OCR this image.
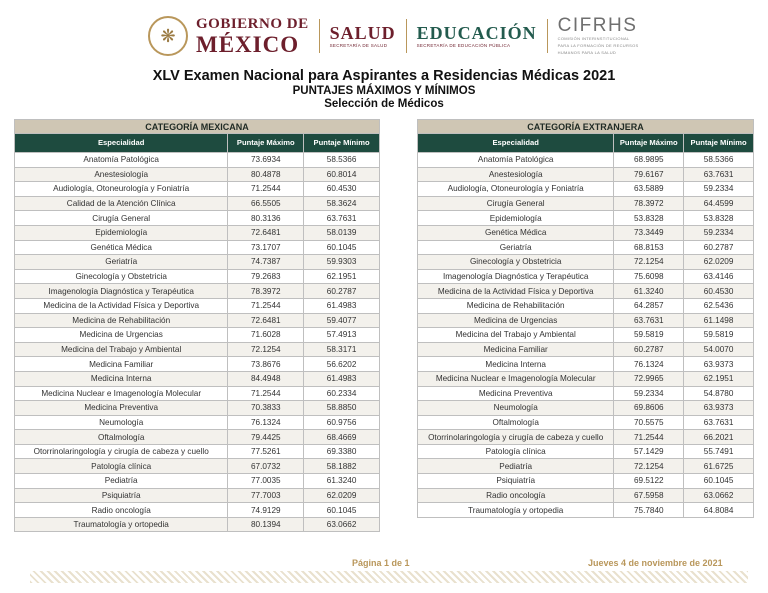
❋
GOBIERNO DE
MÉXICO	SALUD
SECRETARÍA DE SALUD
EDUCACIÓN
SECRETARÍA DE EDUCACIÓN PÚBLICA
CIFRHS
COMISIÓN INTERINSTITUCIONAL
PARA LA FORMACIÓN DE RECURSOS
HUMANOS PARA LA SALUD
XLV Examen Nacional para Aspirantes a Residencias Médicas 2021
PUNTAJES MÁXIMOS Y MÍNIMOS
Selección de Médicos
CATEGORÍA MEXICANA		
Especialidad	Puntaje Máximo	Puntaje Mínimo
Anatomía Patológica	73.6934	58.5366
Anestesiología	80.4878	60.8014
Audiología, Otoneurología y Foniatría	71.2544	60.4530
Calidad de la Atención Clínica	66.5505	58.3624
Cirugía General	80.3136	63.7631
Epidemiología	72.6481	58.0139
Genética Médica	73.1707	60.1045
Geriatría	74.7387	59.9303
Ginecología y Obstetricia	79.2683	62.1951
Imagenología Diagnóstica y Terapéutica	78.3972	60.2787
Medicina de la Actividad Física y Deportiva	71.2544	61.4983
Medicina de Rehabilitación	72.6481	59.4077
Medicina de Urgencias	71.6028	57.4913
Medicina del Trabajo y Ambiental	72.1254	58.3171
Medicina Familiar	73.8676	56.6202
Medicina Interna	84.4948	61.4983
Medicina Nuclear e Imagenología Molecular	71.2544	60.2334
Medicina Preventiva	70.3833	58.8850
Neumología	76.1324	60.9756
Oftalmología	79.4425	68.4669
Otorrinolaringología y cirugía de cabeza y cuello	77.5261	69.3380
Patología clínica	67.0732	58.1882
Pediatría	77.0035	61.3240
Psiquiatría	77.7003	62.0209
Radio oncología	74.9129	60.1045
Traumatología y ortopedia	80.1394	63.0662
CATEGORÍA EXTRANJERA		
Especialidad	Puntaje Máximo	Puntaje Mínimo
Anatomía Patológica	68.9895	58.5366
Anestesiología	79.6167	63.7631
Audiología, Otoneurología y Foniatría	63.5889	59.2334
Cirugía General	78.3972	64.4599
Epidemiología	53.8328	53.8328
Genética Médica	73.3449	59.2334
Geriatría	68.8153	60.2787
Ginecología y Obstetricia	72.1254	62.0209
Imagenología Diagnóstica y Terapéutica	75.6098	63.4146
Medicina de la Actividad Física y Deportiva	61.3240	60.4530
Medicina de Rehabilitación	64.2857	62.5436
Medicina de Urgencias	63.7631	61.1498
Medicina del Trabajo y Ambiental	59.5819	59.5819
Medicina Familiar	60.2787	54.0070
Medicina Interna	76.1324	63.9373
Medicina Nuclear e Imagenología Molecular	72.9965	62.1951
Medicina Preventiva	59.2334	54.8780
Neumología	69.8606	63.9373
Oftalmología	70.5575	63.7631
Otorrinolaringología y cirugía de cabeza y cuello	71.2544	66.2021
Patología clínica	57.1429	55.7491
Pediatría	72.1254	61.6725
Psiquiatría	69.5122	60.1045
Radio oncología	67.5958	63.0662
Traumatología y ortopedia	75.7840	64.8084
Página 1 de 1	Jueves 4 de noviembre de 2021
